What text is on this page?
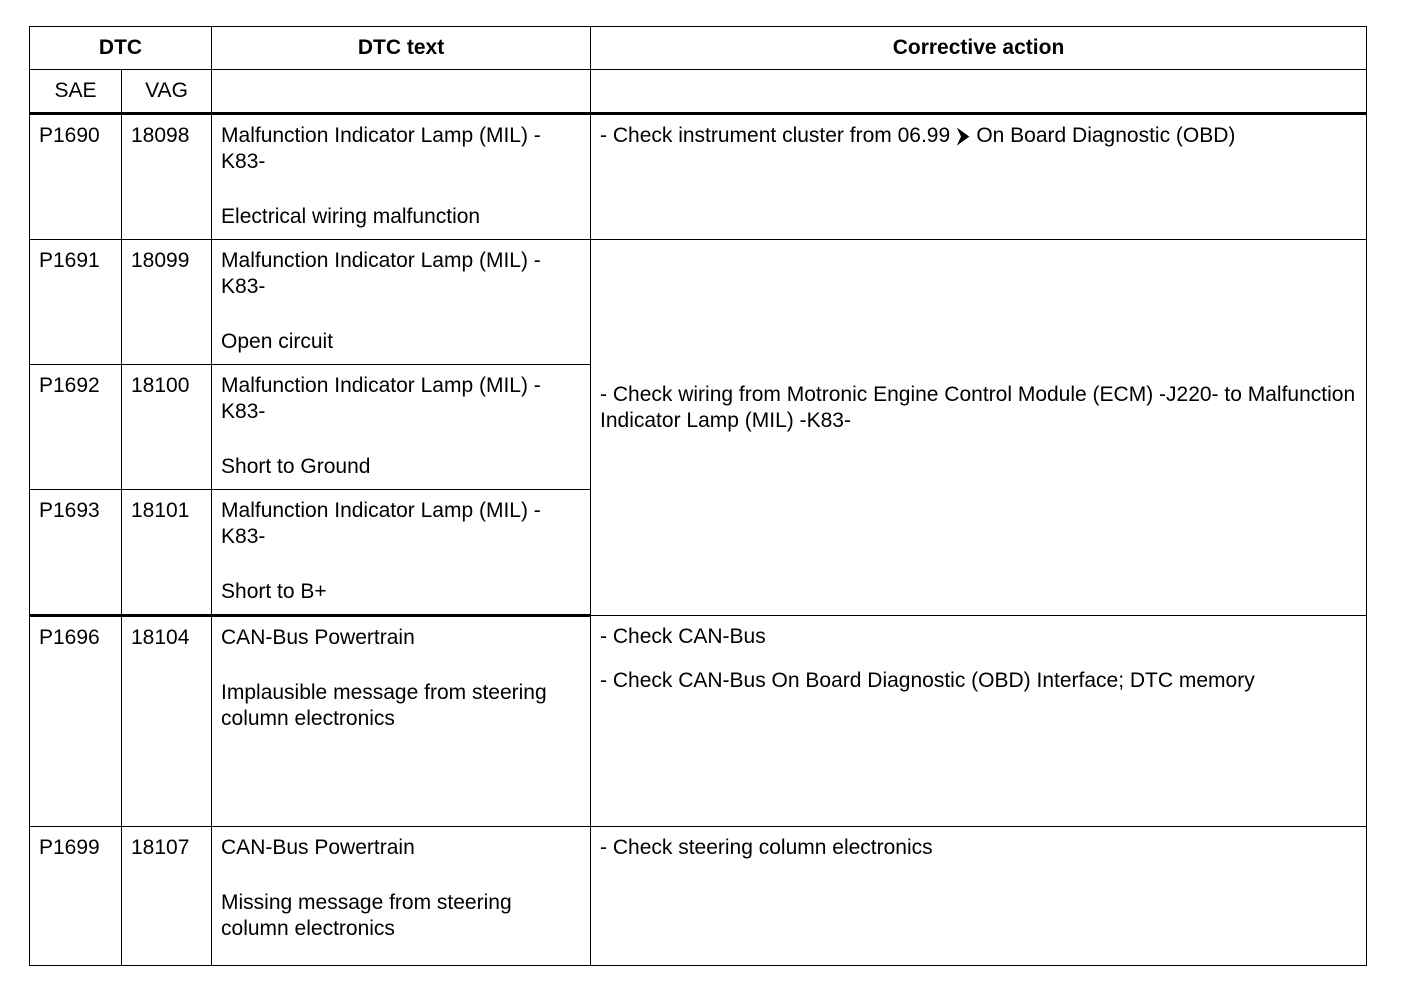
DTC		DTC text	Corrective action
SAE	VAG		
P1690	18098	Malfunction Indicator Lamp (MIL) -K83-
Electrical wiring malfunction	- Check instrument cluster from 06.99 ⮞ On Board Diagnostic (OBD)
P1691	18099	Malfunction Indicator Lamp (MIL) -K83-
Open circuit	- Check wiring from Motronic Engine Control Module (ECM) -J220- to Malfunction Indicator Lamp (MIL) -K83-
P1692	18100	Malfunction Indicator Lamp (MIL) -K83-
Short to Ground	

P1693	18101	Malfunction Indicator Lamp (MIL) -K83-
Short to B+	

P1696	18104	CAN-Bus Powertrain
Implausible message from steering column electronics	- Check CAN-Bus
- Check CAN-Bus On Board Diagnostic (OBD) Interface; DTC memory

P1699	18107	CAN-Bus Powertrain
Missing message from steering column electronics	- Check steering column electronics
